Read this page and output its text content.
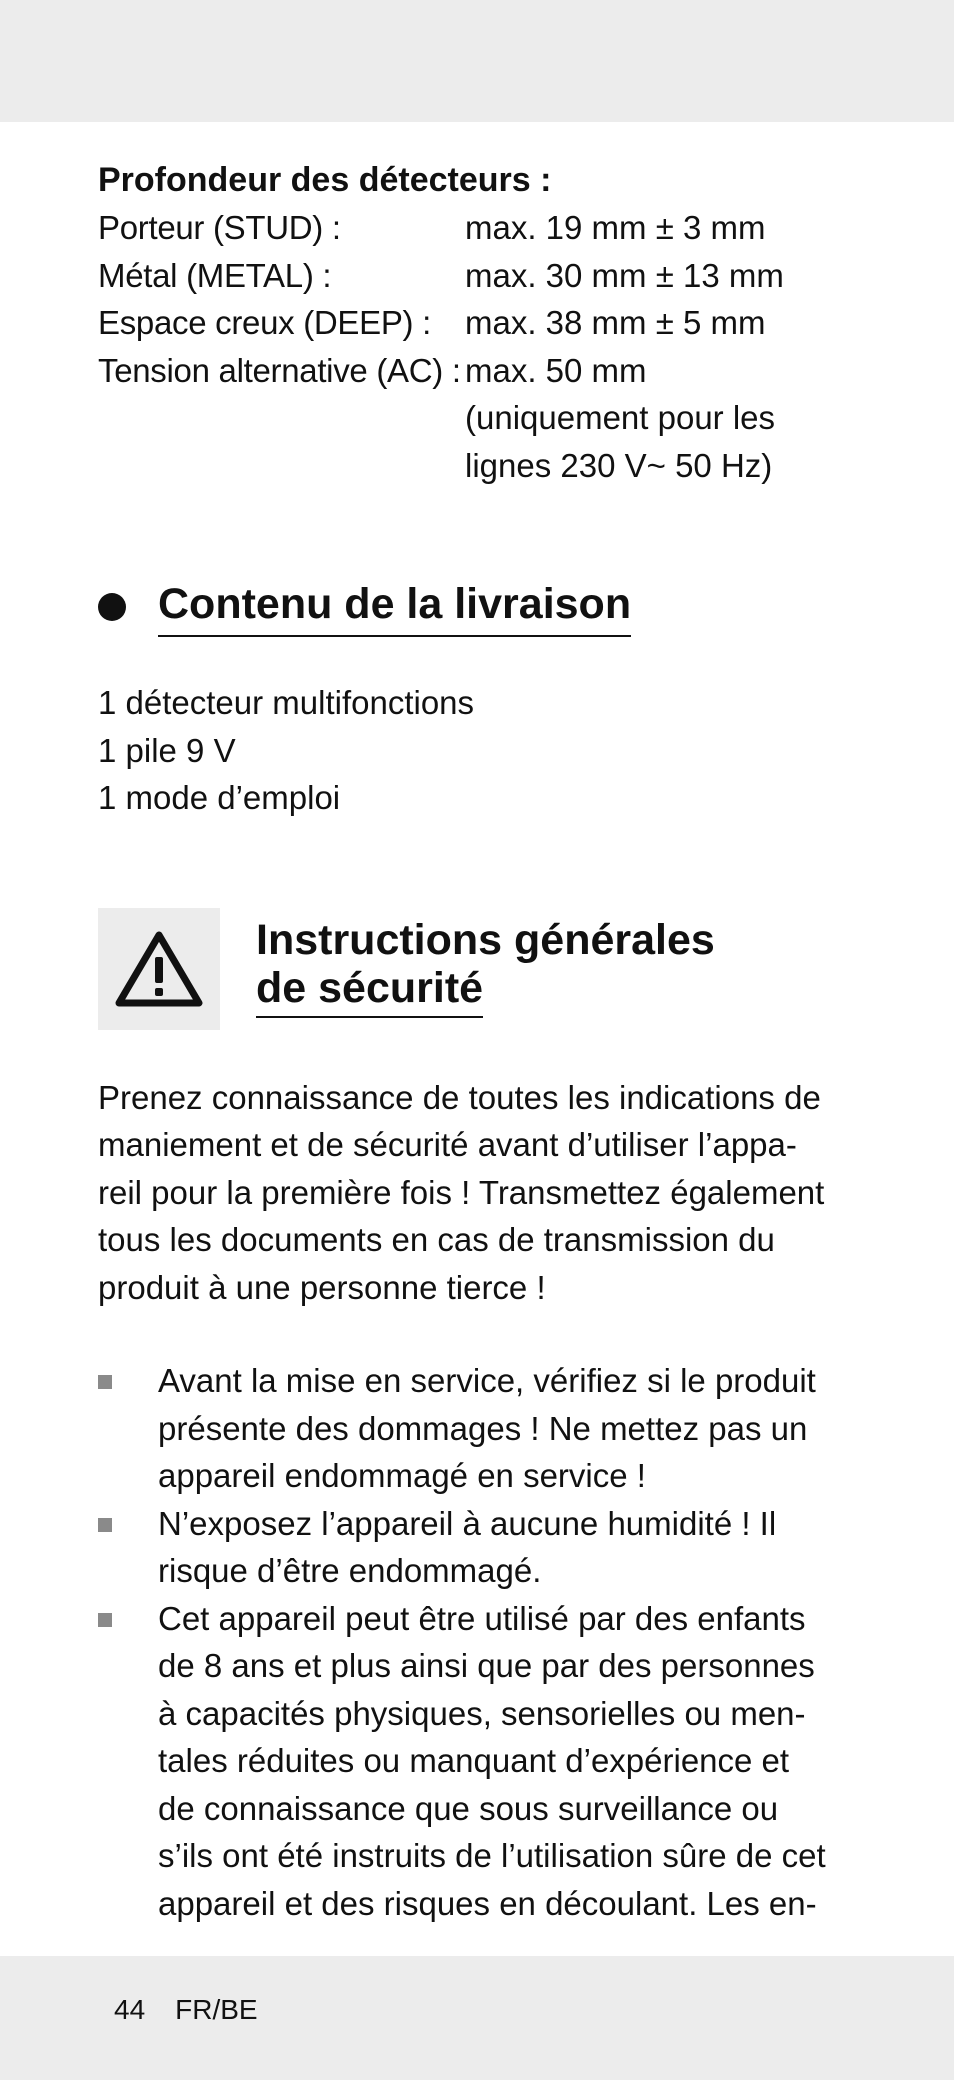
Profondeur des détecteurs :

Porteur (STUD) :	max. 19 mm ± 3 mm
Métal (METAL) :	max. 30 mm ± 13 mm
Espace creux (DEEP) :	max. 38 mm ± 5 mm
Tension alternative (AC) : max. 50 mm
(uniquement pour les
lignes 230 V~ 50 Hz)
Contenu de la livraison
1 détecteur multifonctions
1 pile 9 V
1 mode d’emploi

Instructions générales

de sécurité

Prenez connaissance de toutes les indications de
maniement et de sécurité avant d’utiliser l’appa-
reil pour la première fois ! Transmettez également
tous les documents en cas de transmission du
produit à une personne tierce !
Avant la mise en service, vérifiez si le produit
présente des dommages ! Ne mettez pas un
appareil endommagé en service !
N’exposez l’appareil à aucune humidité ! Il
risque d’être endommagé.
Cet appareil peut être utilisé par des enfants
de 8 ans et plus ainsi que par des personnes
à capacités physiques, sensorielles ou men-
tales réduites ou manquant d’expérience et
de connaissance que sous surveillance ou
s’ils ont été instruits de l’utilisation sûre de cet
appareil et des risques en découlant. Les en-
44 FR/BE
